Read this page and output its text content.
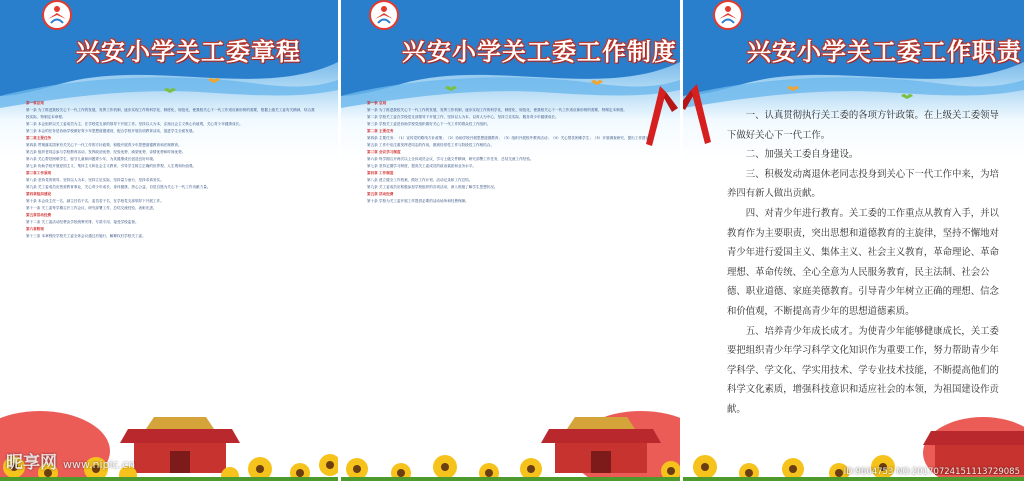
兴安小学关工委章程
第一章总则
第一条 为了推进我校关心下一代工作的发展，发挥工作机制，逐步实现工作的科学化、制度化、规范化，使我校关心下一代工作适应新形势的需要，根据上级关工委有关精神，结合我校实际，特制定本章程。
第二条 本会组织以关工委成员为主，在学校党支部的领导下开展工作。坚持以人为本，弘扬社会主义核心价值观，关心青少年健康成长。
第三条 本会的任务是协助学校做好青少年思想道德建设，配合学校开展各项教育活动，促进学生全面发展。
第二章主要任务
第四条 贯彻落实国家有关关心下一代工作的方针政策，积极开展青少年思想道德教育和法制教育。
第五条 组织老同志参与学校教育活动，发挥政治优势、经验优势、威望优势、亲情优势和时间优势。
第六条 关心帮扶困难学生、留守儿童和问题青少年，为其健康成长创造良好环境。
第七条 协助学校开展爱国主义、集体主义和社会主义教育，引导学生树立正确的世界观、人生观和价值观。
第三章工作原则
第八条 坚持党的领导，坚持以人为本，坚持立足实际，坚持量力而行，坚持求真务实。
第九条 关工委成员应热爱教育事业，关心青少年成长，身体健康，热心公益，自觉自愿为关心下一代工作贡献力量。
第四章组织建设
第十条 本会设主任一名，副主任若干名，委员若干名，在学校党支部领导下开展工作。
第十一条 关工委每学期召开工作会议，研究部署工作，总结交流经验，表彰先进。
第五章活动经费
第十二条 关工委活动经费由学校统筹安排，专款专用，接受学校监督。
第六章附则
第十三条 本章程经学校关工委全体会议通过后施行，解释权归学校关工委。
昵享网 www.nipic.cn
兴安小学关工委工作制度
第一条 总则
第一条 为了推进我校关心下一代工作的发展，发挥工作机制，逐步实现工作的科学化、制度化、规范化，使我校关心下一代工作适应新形势的需要，特制定本制度。
第二条 学校关工委在学校党支部领导下开展工作，坚持以人为本，以育人为中心，坚持立足实际，服务青少年健康成长。
第三条 学校关工委是协助学校党组织做好关心下一代工作的群众性工作组织。
第二章 主要任务
第四条 主要任务：（1）宣传党的路线方针政策；（2）协助学校开展思想道德教育；（3）组织开展校外教育活动；（4）关心帮扶困难学生；（5）开展调查研究，提出工作建议。
第五条 工作中应注重发挥老同志的作用，做到经常性工作与阶段性工作相结合。
第三章 会议学习制度
第六条 每学期召开两次以上全体成员会议，学习上级文件精神，研究部署工作任务，总结交流工作经验。
第七条 坚持定期学习制度，提高关工委成员的政治素质和业务水平。
第四章 工作制度
第八条 建立健全工作档案，做好工作计划、活动记录和工作总结。
第九条 关工委成员应积极参加学校组织的各项活动，深入班级了解学生思想状况。
第五章 活动经费
第十条 学校为关工委开展工作提供必要的活动场所和经费保障。
兴安小学关工委工作职责

一、认真贯彻执行关工委的各项方针政策。在上级关工委领导下做好关心下一代工作。

二、加强关工委自身建设。

三、积极发动离退休老同志投身到关心下一代工作中来，为培养四有新人做出贡献。

四、对青少年进行教育。关工委的工作重点从教育入手，并以教育作为主要职责，突出思想和道德教育的主旋律，坚持不懈地对青少年进行爱国主义、集体主义、社会主义教育，革命理论、革命理想、革命传统、全心全意为人民服务教育，民主法制、社会公德、职业道德、家庭美德教育。引导青少年树立正确的理想、信念和价值观，不断提高青少年的思想道德素质。

五、培养青少年成长成才。为使青少年能够健康成长，关工委要把组织青少年学习科学文化知识作为重要工作，努力帮助青少年学科学、学文化、学实用技术、学专业技术技能，不断提高他们的科学文化素质，增强科技意识和适应社会的本领，为祖国建设作贡献。

ID:9604753 NO:20170724151113729085
